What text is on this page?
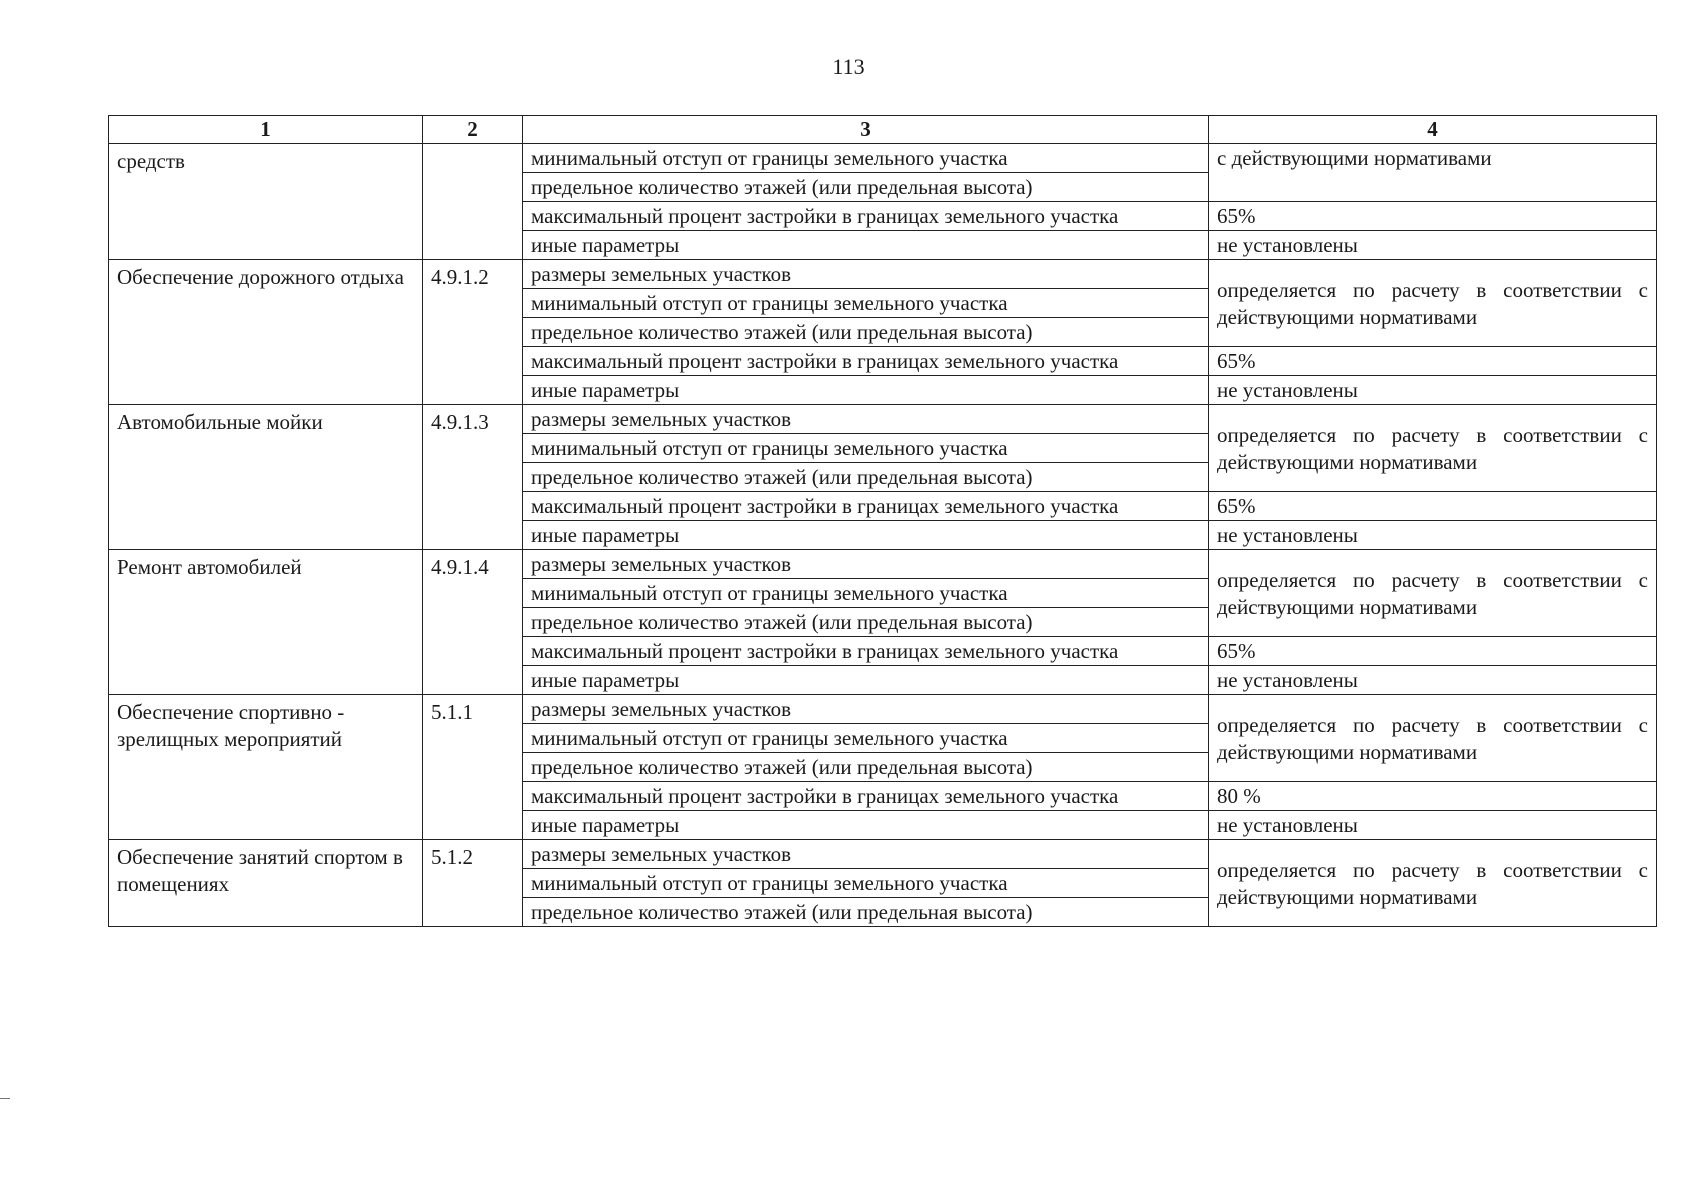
113
1	2	3	4
средств		минимальный отступ от границы земельного участка	с действующими нормативами
		предельное количество этажей (или предельная высота)	
		максимальный процент застройки в границах земельного участка	65%
		иные параметры	не установлены
Обеспечение дорожного отдыха	4.9.1.2	размеры земельных участков	определяется по расчету в соответствии с действующими нормативами
		минимальный отступ от границы земельного участка	
		предельное количество этажей (или предельная высота)	
		максимальный процент застройки в границах земельного участка	65%
		иные параметры	не установлены
Автомобильные мойки	4.9.1.3	размеры земельных участков	определяется по расчету в соответствии с действующими нормативами
		минимальный отступ от границы земельного участка	
		предельное количество этажей (или предельная высота)	
		максимальный процент застройки в границах земельного участка	65%
		иные параметры	не установлены
Ремонт автомобилей	4.9.1.4	размеры земельных участков	определяется по расчету в соответствии с действующими нормативами
		минимальный отступ от границы земельного участка	
		предельное количество этажей (или предельная высота)	
		максимальный процент застройки в границах земельного участка	65%
		иные параметры	не установлены
Обеспечение спортивно - зрелищных мероприятий	5.1.1	размеры земельных участков	определяется по расчету в соответствии с действующими нормативами
		минимальный отступ от границы земельного участка	
		предельное количество этажей (или предельная высота)	
		максимальный процент застройки в границах земельного участка	80 %
		иные параметры	не установлены
Обеспечение занятий спортом в помещениях	5.1.2	размеры земельных участков	определяется по расчету в соответствии с действующими нормативами
		минимальный отступ от границы земельного участка	
		предельное количество этажей (или предельная высота)	
